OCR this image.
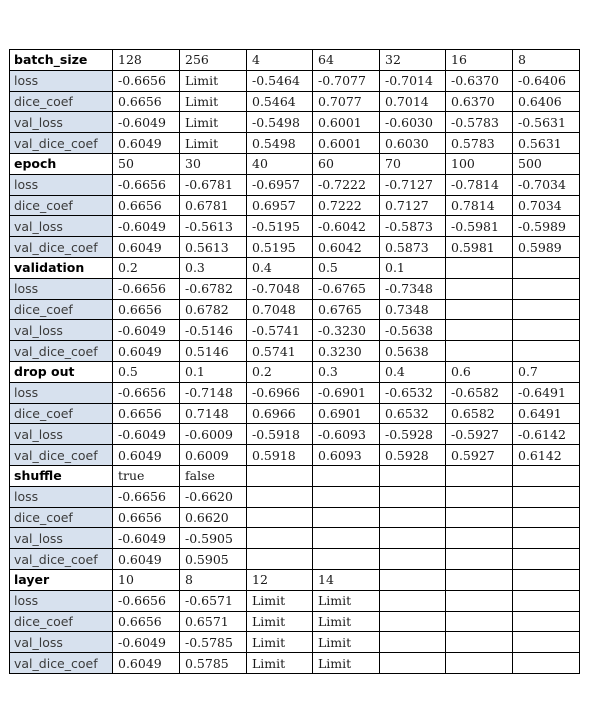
batch_size	128	256	4	64	32	16	8
loss	-0.6656	Limit	-0.5464	-0.7077	-0.7014	-0.6370	-0.6406
dice_coef	0.6656	Limit	0.5464	0.7077	0.7014	0.6370	0.6406
val_loss	-0.6049	Limit	-0.5498	0.6001	-0.6030	-0.5783	-0.5631
val_dice_coef	0.6049	Limit	0.5498	0.6001	0.6030	0.5783	0.5631
epoch	50	30	40	60	70	100	500
loss	-0.6656	-0.6781	-0.6957	-0.7222	-0.7127	-0.7814	-0.7034
dice_coef	0.6656	0.6781	0.6957	0.7222	0.7127	0.7814	0.7034
val_loss	-0.6049	-0.5613	-0.5195	-0.6042	-0.5873	-0.5981	-0.5989
val_dice_coef	0.6049	0.5613	0.5195	0.6042	0.5873	0.5981	0.5989
validation	0.2	0.3	0.4	0.5	0.1		
loss	-0.6656	-0.6782	-0.7048	-0.6765	-0.7348		
dice_coef	0.6656	0.6782	0.7048	0.6765	0.7348		
val_loss	-0.6049	-0.5146	-0.5741	-0.3230	-0.5638		
val_dice_coef	0.6049	0.5146	0.5741	0.3230	0.5638		
drop out	0.5	0.1	0.2	0.3	0.4	0.6	0.7
loss	-0.6656	-0.7148	-0.6966	-0.6901	-0.6532	-0.6582	-0.6491
dice_coef	0.6656	0.7148	0.6966	0.6901	0.6532	0.6582	0.6491
val_loss	-0.6049	-0.6009	-0.5918	-0.6093	-0.5928	-0.5927	-0.6142
val_dice_coef	0.6049	0.6009	0.5918	0.6093	0.5928	0.5927	0.6142
shuffle	true	false					
loss	-0.6656	-0.6620					
dice_coef	0.6656	0.6620					
val_loss	-0.6049	-0.5905					
val_dice_coef	0.6049	0.5905					
layer	10	8	12	14			
loss	-0.6656	-0.6571	Limit	Limit			
dice_coef	0.6656	0.6571	Limit	Limit			
val_loss	-0.6049	-0.5785	Limit	Limit			
val_dice_coef	0.6049	0.5785	Limit	Limit			
